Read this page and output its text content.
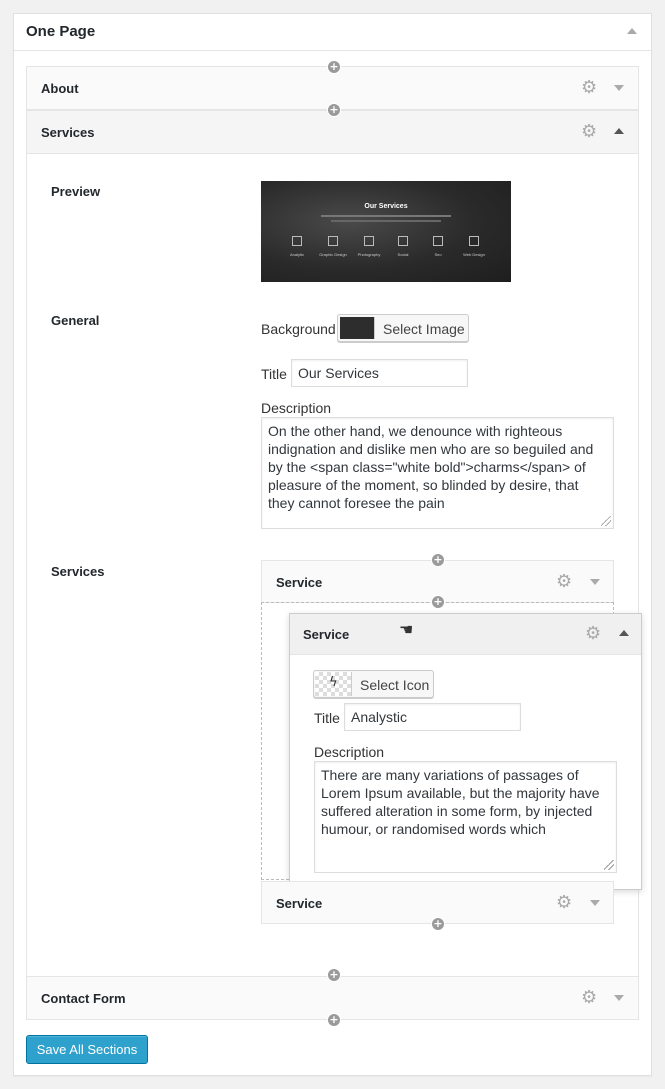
One Page
About	⚙
+
Services	⚙
+
Preview
Our Services
Analytic	Graphic Design	Photography	Social	Seo	Web Design
General
Background	Select Image
Title
Our Services
Description
On the other hand, we denounce with righteous indignation and dislike men who are so beguiled and by the <span class="white bold">charms</span> of pleasure of the moment, so blinded by desire, that they cannot foresee the pain
Services
Service	⚙
+
+
Service	☚	⚙
ϟ Select Icon
Title
Analystic
Description
There are many variations of passages of Lorem Ipsum available, but the majority have suffered alteration in some form, by injected humour, or randomised words which
Service	⚙
+
Contact Form	⚙
+
+
Save All Sections
